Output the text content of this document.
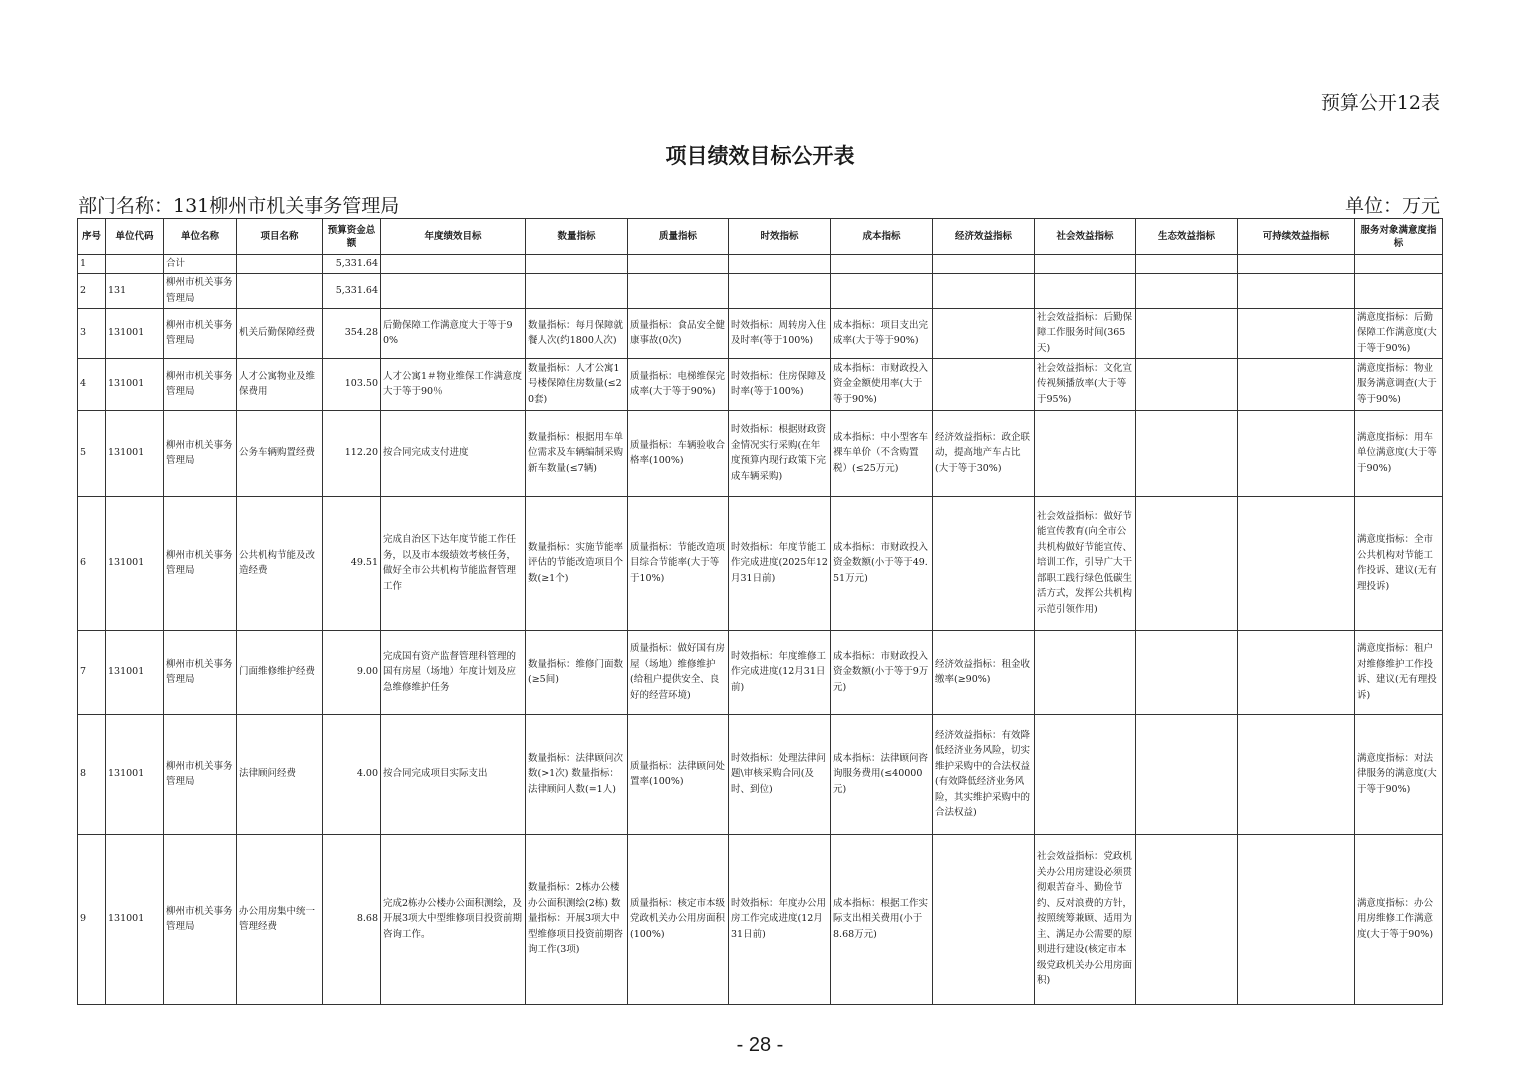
预算公开12表
项目绩效目标公开表
部门名称：131柳州市机关事务管理局	单位：万元
序号	单位代码	单位名称	项目名称	预算资金总额	年度绩效目标	数量指标	质量指标	时效指标	成本指标	经济效益指标	社会效益指标	生态效益指标	可持续效益指标	服务对象满意度指标
1		合计		5,331.64										
2	131	柳州市机关事务管理局		5,331.64										
3	131001	柳州市机关事务管理局	机关后勤保障经费	354.28	后勤保障工作满意度大于等于90%	数量指标：每月保障就餐人次(约1800人次)	质量指标：食品安全健康事故(0次)	时效指标：周转房入住及时率(等于100%)	成本指标：项目支出完成率(大于等于90%)		社会效益指标：后勤保障工作服务时间(365天)			满意度指标：后勤保障工作满意度(大于等于90%)
4	131001	柳州市机关事务管理局	人才公寓物业及维保费用	103.50	人才公寓1＃物业维保工作满意度大于等于90％	数量指标：人才公寓1号楼保障住房数量(≤20套)	质量指标：电梯维保完成率(大于等于90%)	时效指标：住房保障及时率(等于100%)	成本指标：市财政投入资金金额使用率(大于等于90%)		社会效益指标：文化宣传视频播放率(大于等于95%)			满意度指标：物业服务满意调查(大于等于90%)
5	131001	柳州市机关事务管理局	公务车辆购置经费	112.20	按合同完成支付进度	数量指标：根据用车单位需求及车辆编制采购新车数量(≤7辆)	质量指标：车辆验收合格率(100%)	时效指标：根据财政资金情况实行采购(在年度预算内现行政策下完成车辆采购)	成本指标：中小型客车裸车单价（不含购置税）(≤25万元)	经济效益指标：政企联动，提高地产车占比(大于等于30%)				满意度指标：用车单位满意度(大于等于90%)
6	131001	柳州市机关事务管理局	公共机构节能及改造经费	49.51	完成自治区下达年度节能工作任务，以及市本级绩效考核任务，做好全市公共机构节能监督管理工作	数量指标：实施节能率评估的节能改造项目个数(≥1个)	质量指标：节能改造项目综合节能率(大于等于10%)	时效指标：年度节能工作完成进度(2025年12月31日前)	成本指标：市财政投入资金数额(小于等于49.51万元)		社会效益指标：做好节能宣传教育(向全市公共机构做好节能宣传、培训工作，引导广大干部职工践行绿色低碳生活方式，发挥公共机构示范引领作用)			满意度指标：全市公共机构对节能工作投诉、建议(无有理投诉)
7	131001	柳州市机关事务管理局	门面维修维护经费	9.00	完成国有资产监督管理科管理的国有房屋（场地）年度计划及应急维修维护任务	数量指标：维修门面数(≥5间)	质量指标：做好国有房屋（场地）维修维护(给租户提供安全、良好的经营环境)	时效指标：年度维修工作完成进度(12月31日前)	成本指标：市财政投入资金数额(小于等于9万元)	经济效益指标：租金收缴率(≥90%)				满意度指标：租户对维修维护工作投诉、建议(无有理投诉)
8	131001	柳州市机关事务管理局	法律顾问经费	4.00	按合同完成项目实际支出	数量指标：法律顾问次数(>1次) 数量指标：法律顾问人数(=1人)	质量指标：法律顾问处置率(100%)	时效指标：处理法律问题\审核采购合同(及时、到位)	成本指标：法律顾问咨询服务费用(≤40000元)	经济效益指标：有效降低经济业务风险，切实维护采购中的合法权益(有效降低经济业务风险，其实维护采购中的合法权益)				满意度指标：对法律服务的满意度(大于等于90%)
9	131001	柳州市机关事务管理局	办公用房集中统一管理经费	8.68	完成2栋办公楼办公面积测绘，及开展3项大中型维修项目投资前期咨询工作。	数量指标：2栋办公楼办公面积测绘(2栋) 数量指标：开展3项大中型维修项目投资前期咨询工作(3项)	质量指标：核定市本级党政机关办公用房面积(100%)	时效指标：年度办公用房工作完成进度(12月31日前)	成本指标：根据工作实际支出相关费用(小于8.68万元)		社会效益指标：党政机关办公用房建设必须贯彻艰苦奋斗、勤俭节约、反对浪费的方针，按照统筹兼顾、适用为主、满足办公需要的原则进行建设(核定市本级党政机关办公用房面积)			满意度指标：办公用房维修工作满意度(大于等于90%)
- 28 -
